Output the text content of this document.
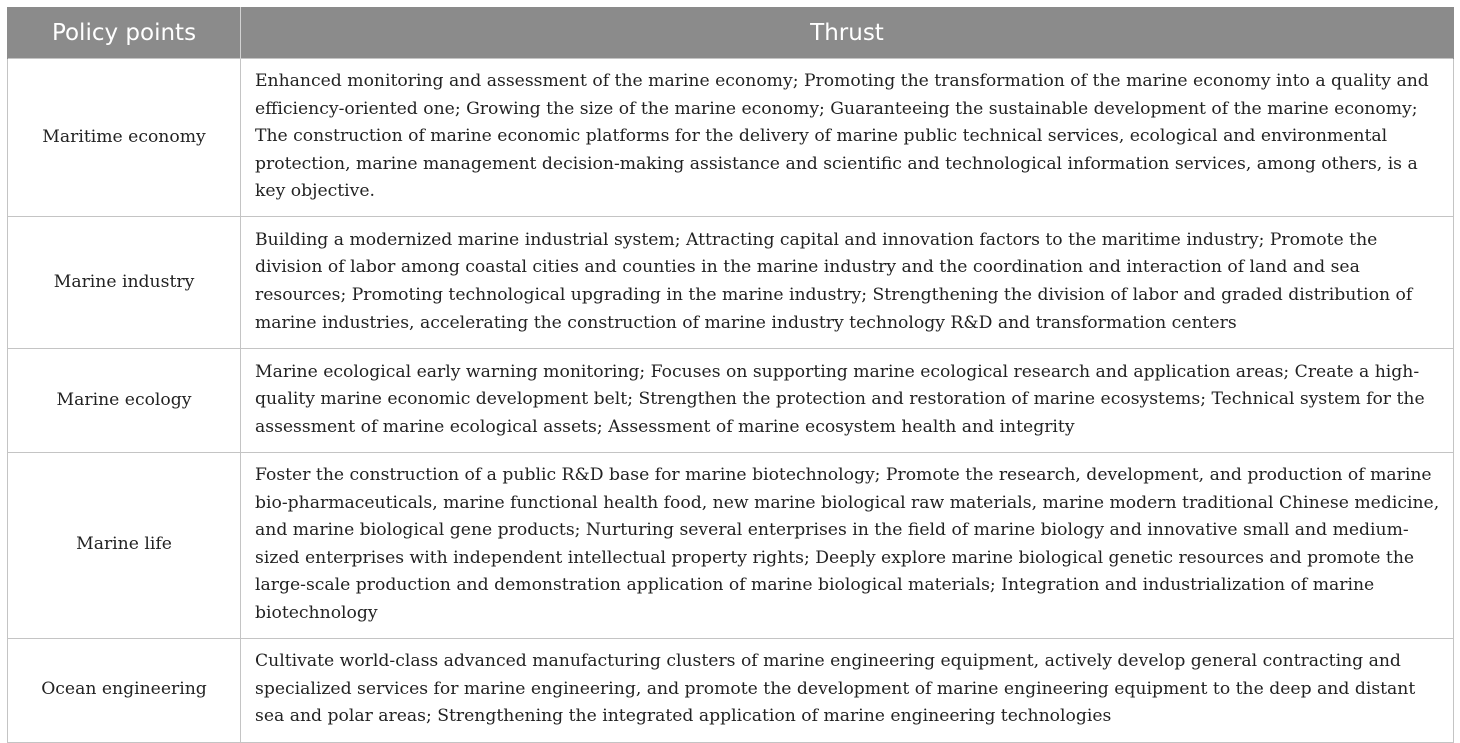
Policy points	Thrust
Maritime economy	Enhanced monitoring and assessment of the marine economy; Promoting the transformation of the marine economy into a quality and efficiency-oriented one; Growing the size of the marine economy; Guaranteeing the sustainable development of the marine economy; The construction of marine economic platforms for the delivery of marine public technical services, ecological and environmental protection, marine management decision-making assistance and scientific and technological information services, among others, is a key objective.
Marine industry	Building a modernized marine industrial system; Attracting capital and innovation factors to the maritime industry; Promote the division of labor among coastal cities and counties in the marine industry and the coordination and interaction of land and sea resources; Promoting technological upgrading in the marine industry; Strengthening the division of labor and graded distribution of marine industries, accelerating the construction of marine industry technology R&D and transformation centers
Marine ecology	Marine ecological early warning monitoring; Focuses on supporting marine ecological research and application areas; Create a high-quality marine economic development belt; Strengthen the protection and restoration of marine ecosystems; Technical system for the assessment of marine ecological assets; Assessment of marine ecosystem health and integrity
Marine life	Foster the construction of a public R&D base for marine biotechnology; Promote the research, development, and production of marine bio-pharmaceuticals, marine functional health food, new marine biological raw materials, marine modern traditional Chinese medicine, and marine biological gene products; Nurturing several enterprises in the field of marine biology and innovative small and medium-sized enterprises with independent intellectual property rights; Deeply explore marine biological genetic resources and promote the large-scale production and demonstration application of marine biological materials; Integration and industrialization of marine biotechnology
Ocean engineering	Cultivate world-class advanced manufacturing clusters of marine engineering equipment, actively develop general contracting and specialized services for marine engineering, and promote the development of marine engineering equipment to the deep and distant sea and polar areas; Strengthening the integrated application of marine engineering technologies
